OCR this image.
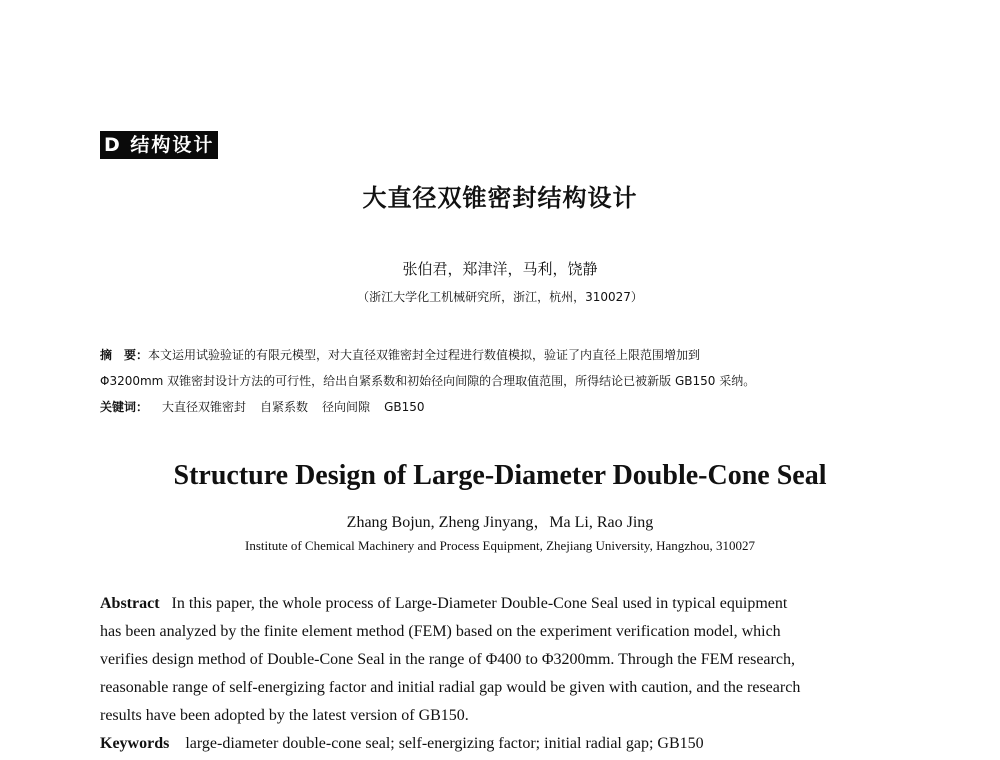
D 结构设计
大直径双锥密封结构设计
张伯君，郑津洋，马利，饶静
（浙江大学化工机械研究所，浙江，杭州，310027）
摘　要：本文运用试验验证的有限元模型，对大直径双锥密封全过程进行数值模拟，验证了内直径上限范围增加到
Φ3200mm 双锥密封设计方法的可行性，给出自紧系数和初始径向间隙的合理取值范围，所得结论已被新版 GB150 采纳。
关键词： 大直径双锥密封 自紧系数 径向间隙 GB150
Structure Design of Large-Diameter Double-Cone Seal
Zhang Bojun, Zheng Jinyang，Ma Li, Rao Jing
Institute of Chemical Machinery and Process Equipment, Zhejiang University, Hangzhou, 310027
Abstract In this paper, the whole process of Large-Diameter Double-Cone Seal used in typical equipment
has been analyzed by the finite element method (FEM) based on the experiment verification model, which
verifies design method of Double-Cone Seal in the range of Φ400 to Φ3200mm. Through the FEM research,
reasonable range of self-energizing factor and initial radial gap would be given with caution, and the research
results have been adopted by the latest version of GB150.
Keywords large-diameter double-cone seal; self-energizing factor; initial radial gap; GB150
